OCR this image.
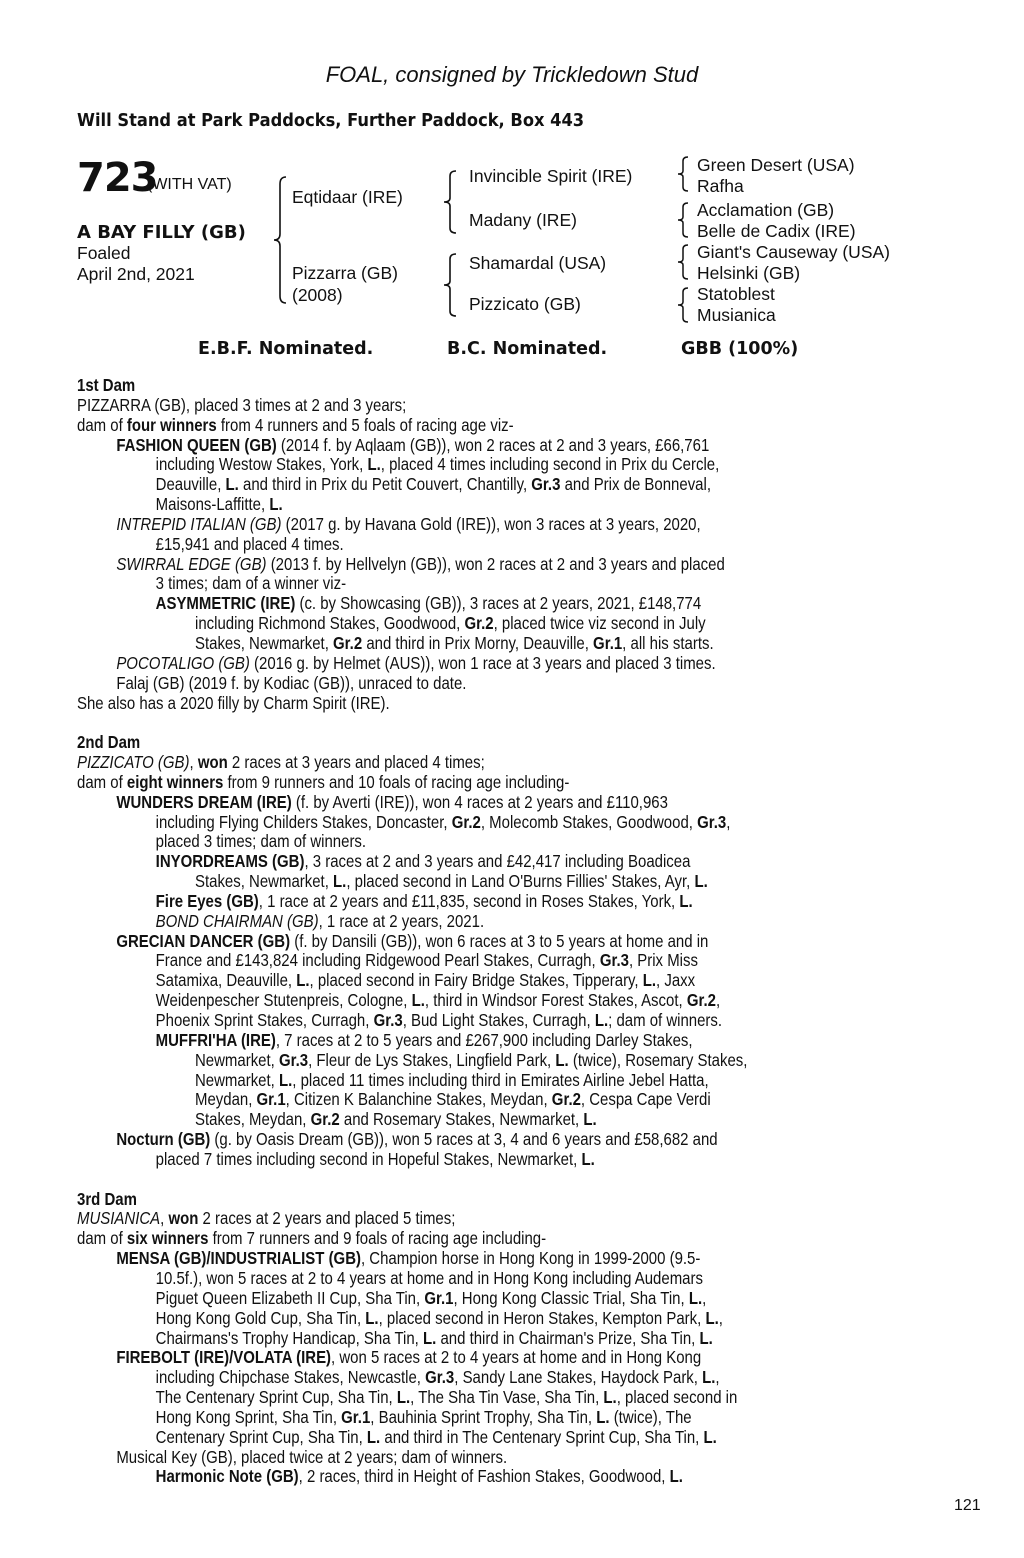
FOAL, consigned by Trickledown Stud
Will Stand at Park Paddocks, Further Paddock, Box 443
723
(WITH VAT)
A BAY FILLY (GB)
Foaled
April 2nd, 2021
Eqtidaar (IRE)
Pizzarra (GB)
(2008)
Invincible Spirit (IRE)
Madany (IRE)
Shamardal (USA)
Pizzicato (GB)
Green Desert (USA)
Rafha
Acclamation (GB)
Belle de Cadix (IRE)
Giant's Causeway (USA)
Helsinki (GB)
Statoblest
Musianica
E.B.F. Nominated.	B.C. Nominated.	GBB (100%)

1st Dam

PIZZARRA (GB), placed 3 times at 2 and 3 years;

dam of four winners from 4 runners and 5 foals of racing age viz-

FASHION QUEEN (GB) (2014 f. by Aqlaam (GB)), won 2 races at 2 and 3 years, £66,761

including Westow Stakes, York, L., placed 4 times including second in Prix du Cercle,

Deauville, L. and third in Prix du Petit Couvert, Chantilly, Gr.3 and Prix de Bonneval,

Maisons-Laffitte, L.

INTREPID ITALIAN (GB) (2017 g. by Havana Gold (IRE)), won 3 races at 3 years, 2020,

£15,941 and placed 4 times.

SWIRRAL EDGE (GB) (2013 f. by Hellvelyn (GB)), won 2 races at 2 and 3 years and placed

3 times; dam of a winner viz-

ASYMMETRIC (IRE) (c. by Showcasing (GB)), 3 races at 2 years, 2021, £148,774

including Richmond Stakes, Goodwood, Gr.2, placed twice viz second in July

Stakes, Newmarket, Gr.2 and third in Prix Morny, Deauville, Gr.1, all his starts.

POCOTALIGO (GB) (2016 g. by Helmet (AUS)), won 1 race at 3 years and placed 3 times.

Falaj (GB) (2019 f. by Kodiac (GB)), unraced to date.

She also has a 2020 filly by Charm Spirit (IRE).

2nd Dam

PIZZICATO (GB), won 2 races at 3 years and placed 4 times;

dam of eight winners from 9 runners and 10 foals of racing age including-

WUNDERS DREAM (IRE) (f. by Averti (IRE)), won 4 races at 2 years and £110,963

including Flying Childers Stakes, Doncaster, Gr.2, Molecomb Stakes, Goodwood, Gr.3,

placed 3 times; dam of winners.

INYORDREAMS (GB), 3 races at 2 and 3 years and £42,417 including Boadicea

Stakes, Newmarket, L., placed second in Land O'Burns Fillies' Stakes, Ayr, L.

Fire Eyes (GB), 1 race at 2 years and £11,835, second in Roses Stakes, York, L.

BOND CHAIRMAN (GB), 1 race at 2 years, 2021.

GRECIAN DANCER (GB) (f. by Dansili (GB)), won 6 races at 3 to 5 years at home and in

France and £143,824 including Ridgewood Pearl Stakes, Curragh, Gr.3, Prix Miss

Satamixa, Deauville, L., placed second in Fairy Bridge Stakes, Tipperary, L., Jaxx

Weidenpescher Stutenpreis, Cologne, L., third in Windsor Forest Stakes, Ascot, Gr.2,

Phoenix Sprint Stakes, Curragh, Gr.3, Bud Light Stakes, Curragh, L.; dam of winners.

MUFFRI'HA (IRE), 7 races at 2 to 5 years and £267,900 including Darley Stakes,

Newmarket, Gr.3, Fleur de Lys Stakes, Lingfield Park, L. (twice), Rosemary Stakes,

Newmarket, L., placed 11 times including third in Emirates Airline Jebel Hatta,

Meydan, Gr.1, Citizen K Balanchine Stakes, Meydan, Gr.2, Cespa Cape Verdi

Stakes, Meydan, Gr.2 and Rosemary Stakes, Newmarket, L.

Nocturn (GB) (g. by Oasis Dream (GB)), won 5 races at 3, 4 and 6 years and £58,682 and

placed 7 times including second in Hopeful Stakes, Newmarket, L.

3rd Dam

MUSIANICA, won 2 races at 2 years and placed 5 times;

dam of six winners from 7 runners and 9 foals of racing age including-

MENSA (GB)/INDUSTRIALIST (GB), Champion horse in Hong Kong in 1999-2000 (9.5-

10.5f.), won 5 races at 2 to 4 years at home and in Hong Kong including Audemars

Piguet Queen Elizabeth II Cup, Sha Tin, Gr.1, Hong Kong Classic Trial, Sha Tin, L.,

Hong Kong Gold Cup, Sha Tin, L., placed second in Heron Stakes, Kempton Park, L.,

Chairmans's Trophy Handicap, Sha Tin, L. and third in Chairman's Prize, Sha Tin, L.

FIREBOLT (IRE)/VOLATA (IRE), won 5 races at 2 to 4 years at home and in Hong Kong

including Chipchase Stakes, Newcastle, Gr.3, Sandy Lane Stakes, Haydock Park, L.,

The Centenary Sprint Cup, Sha Tin, L., The Sha Tin Vase, Sha Tin, L., placed second in

Hong Kong Sprint, Sha Tin, Gr.1, Bauhinia Sprint Trophy, Sha Tin, L. (twice), The

Centenary Sprint Cup, Sha Tin, L. and third in The Centenary Sprint Cup, Sha Tin, L.

Musical Key (GB), placed twice at 2 years; dam of winners.

Harmonic Note (GB), 2 races, third in Height of Fashion Stakes, Goodwood, L.

121
